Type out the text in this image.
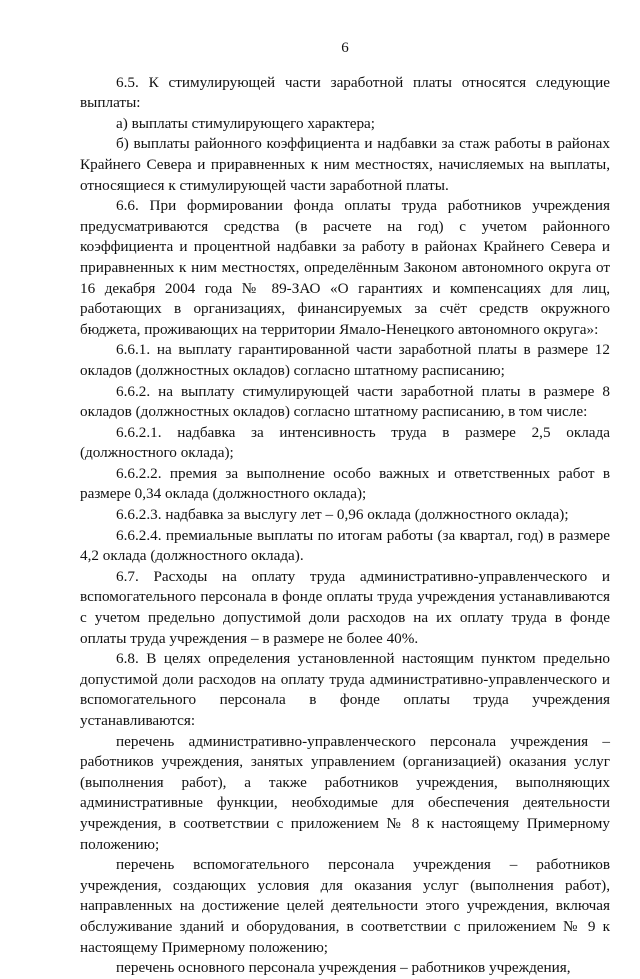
6

6.5. К стимулирующей части заработной платы относятся следующие выплаты:

а) выплаты стимулирующего характера;

б) выплаты районного коэффициента и надбавки за стаж работы в районах Крайнего Севера и приравненных к ним местностях, начисляемых на выплаты, относящиеся к стимулирующей части заработной платы.

6.6. При формировании фонда оплаты труда работников учреждения предусматриваются средства (в расчете на год) с учетом районного коэффициента и процентной надбавки за работу в районах Крайнего Севера и приравненных к ним местностях, определённым Законом автономного округа от 16 декабря 2004 года № 89-ЗАО «О гарантиях и компенсациях для лиц, работающих в организациях, финансируемых за счёт средств окружного бюджета, проживающих на территории Ямало-Ненецкого автономного округа»:

6.6.1. на выплату гарантированной части заработной платы в размере 12 окладов (должностных окладов) согласно штатному расписанию;

6.6.2. на выплату стимулирующей части заработной платы в размере 8 окладов (должностных окладов) согласно штатному расписанию, в том числе:

6.6.2.1. надбавка за интенсивность труда в размере 2,5 оклада (должностного оклада);

6.6.2.2. премия за выполнение особо важных и ответственных работ в размере 0,34 оклада (должностного оклада);

6.6.2.3. надбавка за выслугу лет – 0,96 оклада (должностного оклада);

6.6.2.4. премиальные выплаты по итогам работы (за квартал, год) в размере 4,2 оклада (должностного оклада).

6.7. Расходы на оплату труда административно-управленческого и вспомогательного персонала в фонде оплаты труда учреждения устанавливаются с учетом предельно допустимой доли расходов на их оплату труда в фонде оплаты труда учреждения – в размере не более 40%.

6.8. В целях определения установленной настоящим пунктом предельно допустимой доли расходов на оплату труда административно-управленческого и вспомогательного персонала в фонде оплаты труда учреждения устанавливаются:

перечень административно-управленческого персонала учреждения – работников учреждения, занятых управлением (организацией) оказания услуг (выполнения работ), а также работников учреждения, выполняющих административные функции, необходимые для обеспечения деятельности учреждения, в соответствии с приложением № 8 к настоящему Примерному положению;

перечень вспомогательного персонала учреждения – работников учреждения, создающих условия для оказания услуг (выполнения работ), направленных на достижение целей деятельности этого учреждения, включая обслуживание зданий и оборудования, в соответствии с приложением № 9 к настоящему Примерному положению;

перечень основного персонала учреждения – работников учреждения,
